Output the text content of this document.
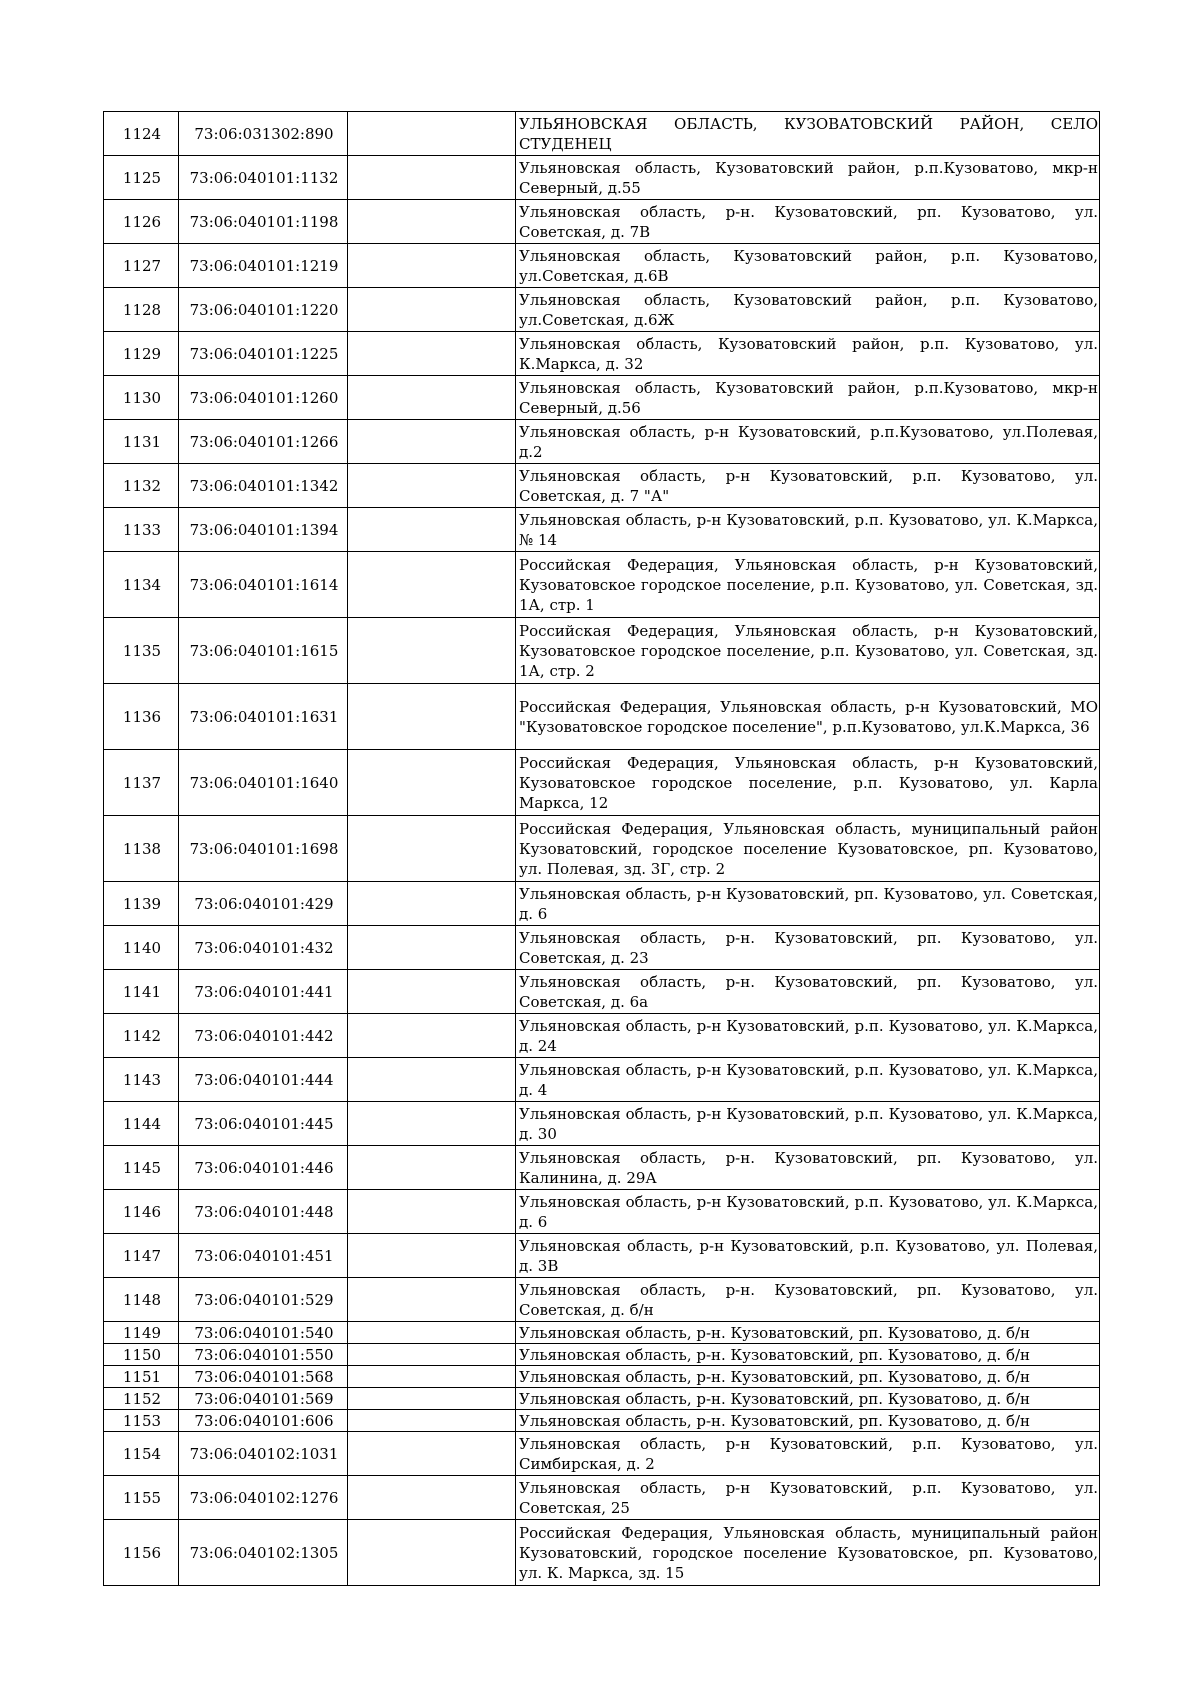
1124	73:06:031302:890		УЛЬЯНОВСКАЯ ОБЛАСТЬ, КУЗОВАТОВСКИЙ РАЙОН, СЕЛО СТУДЕНЕЦ
1125	73:06:040101:1132		Ульяновская область, Кузоватовский район, р.п.Кузоватово, мкр-н Северный, д.55
1126	73:06:040101:1198		Ульяновская область, р-н. Кузоватовский, рп. Кузоватово, ул. Советская, д. 7В
1127	73:06:040101:1219		Ульяновская область, Кузоватовский район, р.п. Кузоватово, ул.Советская, д.6В
1128	73:06:040101:1220		Ульяновская область, Кузоватовский район, р.п. Кузоватово, ул.Советская, д.6Ж
1129	73:06:040101:1225		Ульяновская область, Кузоватовский район, р.п. Кузоватово, ул. К.Маркса, д. 32
1130	73:06:040101:1260		Ульяновская область, Кузоватовский район, р.п.Кузоватово, мкр-н Северный, д.56
1131	73:06:040101:1266		Ульяновская область, р-н Кузоватовский, р.п.Кузоватово, ул.Полевая, д.2
1132	73:06:040101:1342		Ульяновская область, р-н Кузоватовский, р.п. Кузоватово, ул. Советская, д. 7 "А"
1133	73:06:040101:1394		Ульяновская область, р-н Кузоватовский, р.п. Кузоватово, ул. К.Маркса, № 14
1134	73:06:040101:1614		Российская Федерация, Ульяновская область, р-н Кузоватовский, Кузоватовское городское поселение, р.п. Кузоватово, ул. Советская, зд. 1А, стр. 1
1135	73:06:040101:1615		Российская Федерация, Ульяновская область, р-н Кузоватовский, Кузоватовское городское поселение, р.п. Кузоватово, ул. Советская, зд. 1А, стр. 2
1136	73:06:040101:1631		Российская Федерация, Ульяновская область, р-н Кузоватовский, МО "Кузоватовское городское поселение", р.п.Кузоватово, ул.К.Маркса, 36
1137	73:06:040101:1640		Российская Федерация, Ульяновская область, р-н Кузоватовский, Кузоватовское городское поселение, р.п. Кузоватово, ул. Карла Маркса, 12
1138	73:06:040101:1698		Российская Федерация, Ульяновская область, муниципальный район Кузоватовский, городское поселение Кузоватовское, рп. Кузоватово, ул. Полевая, зд. 3Г, стр. 2
1139	73:06:040101:429		Ульяновская область, р-н Кузоватовский, рп. Кузоватово, ул. Советская, д. 6
1140	73:06:040101:432		Ульяновская область, р-н. Кузоватовский, рп. Кузоватово, ул. Советская, д. 23
1141	73:06:040101:441		Ульяновская область, р-н. Кузоватовский, рп. Кузоватово, ул. Советская, д. 6а
1142	73:06:040101:442		Ульяновская область, р-н Кузоватовский, р.п. Кузоватово, ул. К.Маркса, д. 24
1143	73:06:040101:444		Ульяновская область, р-н Кузоватовский, р.п. Кузоватово, ул. К.Маркса, д. 4
1144	73:06:040101:445		Ульяновская область, р-н Кузоватовский, р.п. Кузоватово, ул. К.Маркса, д. 30
1145	73:06:040101:446		Ульяновская область, р-н. Кузоватовский, рп. Кузоватово, ул. Калинина, д. 29А
1146	73:06:040101:448		Ульяновская область, р-н Кузоватовский, р.п. Кузоватово, ул. К.Маркса, д. 6
1147	73:06:040101:451		Ульяновская область, р-н Кузоватовский, р.п. Кузоватово, ул. Полевая, д. 3В
1148	73:06:040101:529		Ульяновская область, р-н. Кузоватовский, рп. Кузоватово, ул. Советская, д. б/н
1149	73:06:040101:540		Ульяновская область, р-н. Кузоватовский, рп. Кузоватово, д. б/н
1150	73:06:040101:550		Ульяновская область, р-н. Кузоватовский, рп. Кузоватово, д. б/н
1151	73:06:040101:568		Ульяновская область, р-н. Кузоватовский, рп. Кузоватово, д. б/н
1152	73:06:040101:569		Ульяновская область, р-н. Кузоватовский, рп. Кузоватово, д. б/н
1153	73:06:040101:606		Ульяновская область, р-н. Кузоватовский, рп. Кузоватово, д. б/н
1154	73:06:040102:1031		Ульяновская область, р-н Кузоватовский, р.п. Кузоватово, ул. Симбирская, д. 2
1155	73:06:040102:1276		Ульяновская область, р-н Кузоватовский, р.п. Кузоватово, ул. Советская, 25
1156	73:06:040102:1305		Российская Федерация, Ульяновская область, муниципальный район Кузоватовский, городское поселение Кузоватовское, рп. Кузоватово, ул. К. Маркса, зд. 15
